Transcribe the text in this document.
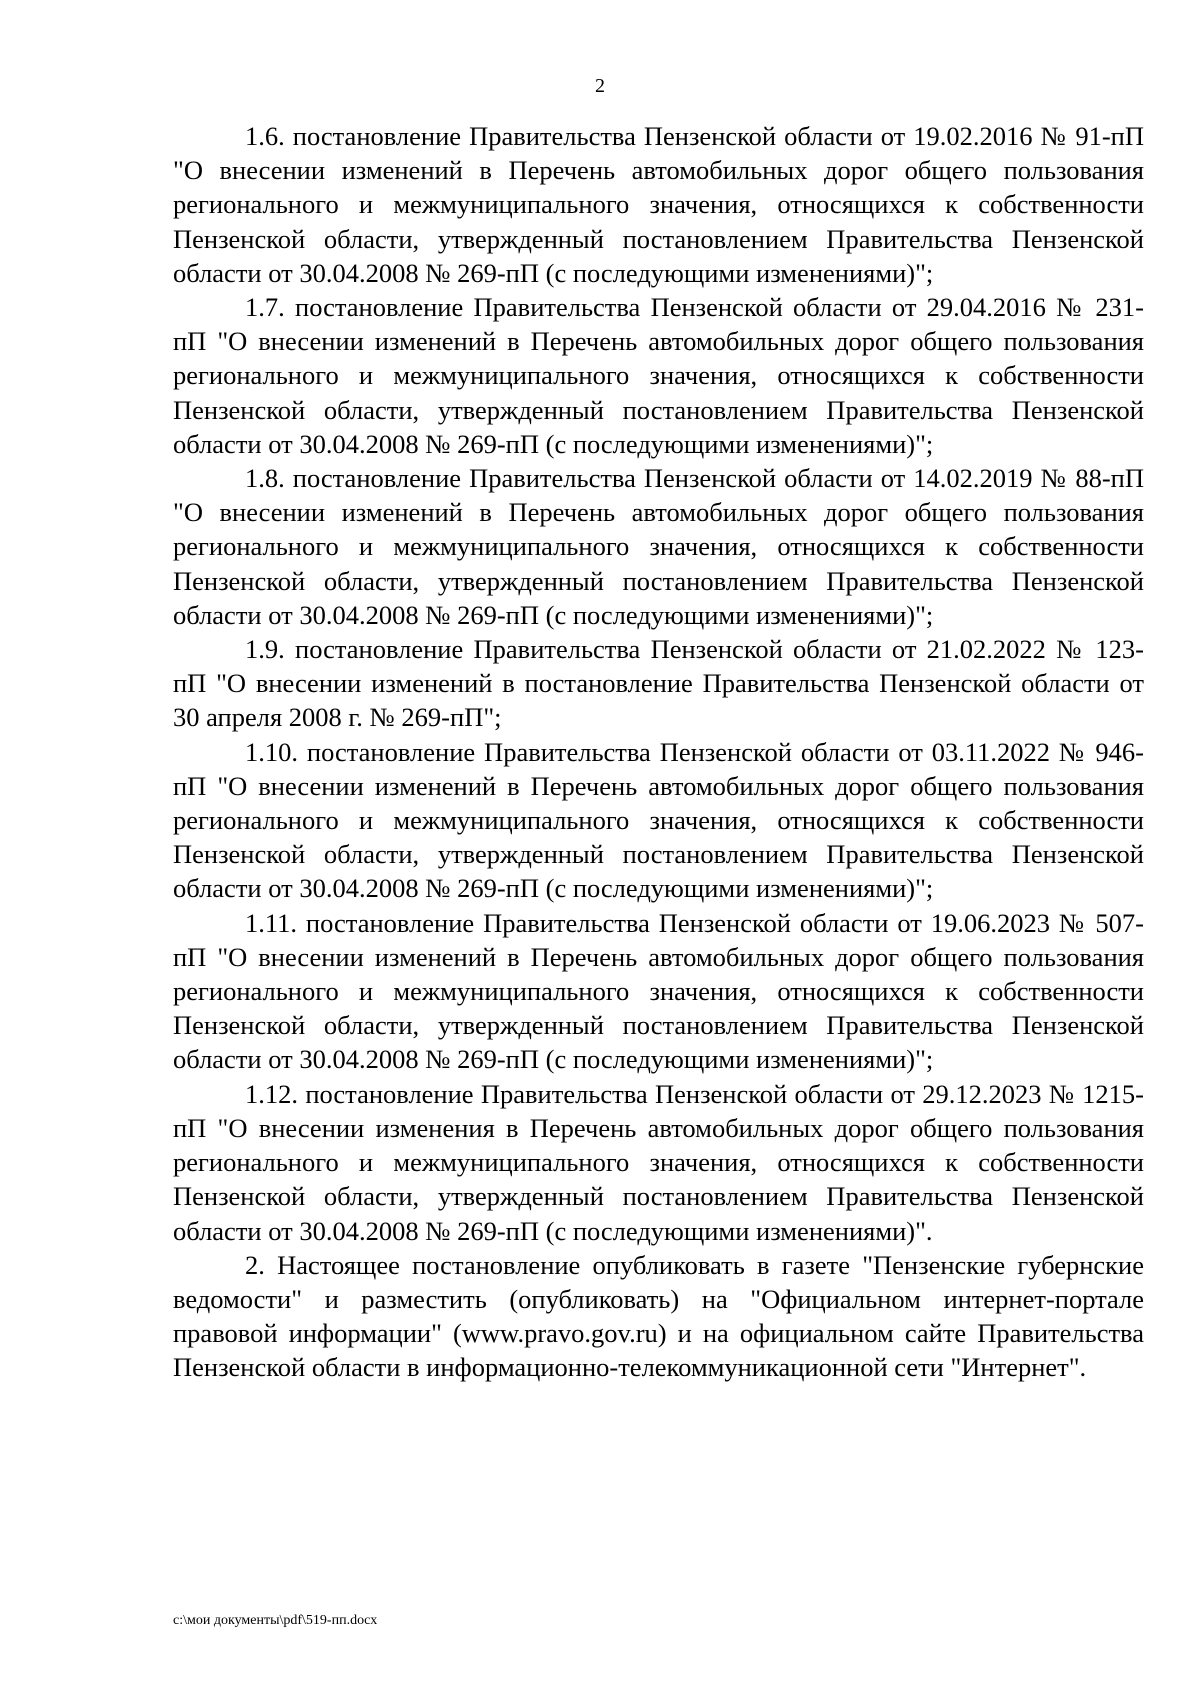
2

1.6. постановление Правительства Пензенской области от 19.02.2016 № 91-пП "О внесении изменений в Перечень автомобильных дорог общего пользования регионального и межмуниципального значения, относящихся к собственности Пензенской области, утвержденный постановлением Правительства Пензенской области от 30.04.2008 № 269-пП (с последующими изменениями)";

1.7. постановление Правительства Пензенской области от 29.04.2016 № 231-пП "О внесении изменений в Перечень автомобильных дорог общего пользования регионального и межмуниципального значения, относящихся к собственности Пензенской области, утвержденный постановлением Правительства Пензенской области от 30.04.2008 № 269-пП (с последующими изменениями)";

1.8. постановление Правительства Пензенской области от 14.02.2019 № 88-пП "О внесении изменений в Перечень автомобильных дорог общего пользования регионального и межмуниципального значения, относящихся к собственности Пензенской области, утвержденный постановлением Правительства Пензенской области от 30.04.2008 № 269-пП (с последующими изменениями)";

1.9. постановление Правительства Пензенской области от 21.02.2022 № 123-пП "О внесении изменений в постановление Правительства Пензенской области от 30 апреля 2008 г. № 269-пП";

1.10. постановление Правительства Пензенской области от 03.11.2022 № 946-пП "О внесении изменений в Перечень автомобильных дорог общего пользования регионального и межмуниципального значения, относящихся к собственности Пензенской области, утвержденный постановлением Правительства Пензенской области от 30.04.2008 № 269-пП (с последующими изменениями)";

1.11. постановление Правительства Пензенской области от 19.06.2023 № 507-пП "О внесении изменений в Перечень автомобильных дорог общего пользования регионального и межмуниципального значения, относящихся к собственности Пензенской области, утвержденный постановлением Правительства Пензенской области от 30.04.2008 № 269-пП (с последующими изменениями)";

1.12. постановление Правительства Пензенской области от 29.12.2023 № 1215-пП "О внесении изменения в Перечень автомобильных дорог общего пользования регионального и межмуниципального значения, относящихся к собственности Пензенской области, утвержденный постановлением Правительства Пензенской области от 30.04.2008 № 269-пП (с последующими изменениями)".

2. Настоящее постановление опубликовать в газете "Пензенские губернские ведомости" и разместить (опубликовать) на "Официальном интернет-портале правовой информации" (www.pravo.gov.ru) и на официальном сайте Правительства Пензенской области в информационно-телекоммуникационной сети "Интернет".

c:\мои документы\pdf\519-пп.docx
